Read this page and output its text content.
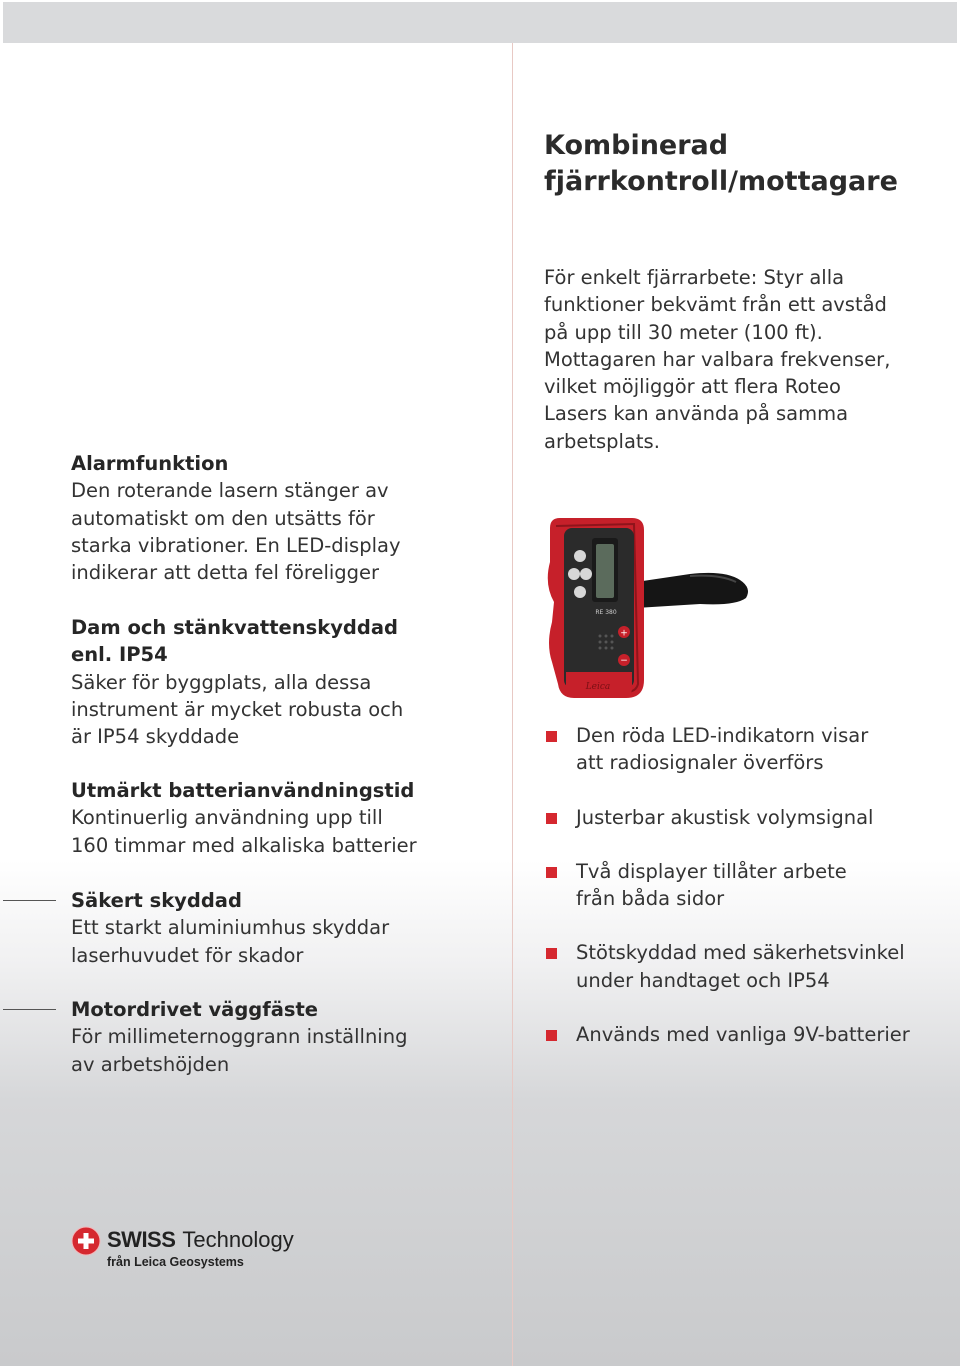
Kombinerad
fjärrkontroll/mottagare
För enkelt fjärrarbete: Styr alla
funktioner bekvämt från ett avståd
på upp till 30 meter (100 ft).
Mottagaren har valbara frekvenser,
vilket möjliggör att flera Roteo
Lasers kan använda på samma
arbetsplats.
Alarmfunktion
Den roterande lasern stänger av
automatiskt om den utsätts för
starka vibrationer. En LED-display
indikerar att detta fel föreligger
Dam och stänkvattenskyddad
enl. IP54
Säker för byggplats, alla dessa
instrument är mycket robusta och
är IP54 skyddade
Utmärkt batterianvändningstid
Kontinuerlig användning upp till
160 timmar med alkaliska batterier
Säkert skyddad
Ett starkt aluminiumhus skyddar
laserhuvudet för skador
Motordrivet väggfäste
För millimeternoggrann inställning
av arbetshöjden
RE 380
+
−
Leica
Den röda LED-indikatorn visar
att radiosignaler överförs
Justerbar akustisk volymsignal
Två displayer tillåter arbete
från båda sidor
Stötskyddad med säkerhetsvinkel
under handtaget och IP54
Används med vanliga 9V-batterier
SWISS Technology
från Leica Geosystems
